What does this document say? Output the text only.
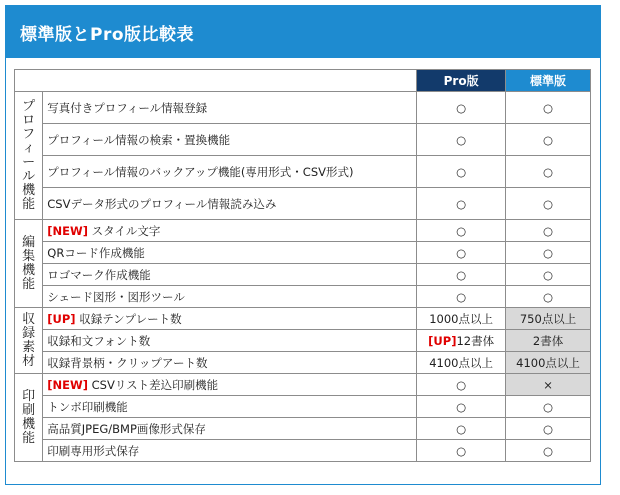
標準版とPro版比較表
		Pro版	標準版
プロフィール機能	写真付きプロフィール情報登録	○	○
	プロフィール情報の検索・置換機能	○	○
	プロフィール情報のバックアップ機能(専用形式・CSV形式)	○	○
	CSVデータ形式のプロフィール情報読み込み	○	○
編集機能	[NEW] スタイル文字	○	○
	QRコード作成機能	○	○
	ロゴマーク作成機能	○	○
	シェード図形・図形ツール	○	○
収録素材	[UP] 収録テンプレート数	1000点以上	750点以上
	収録和文フォント数	[UP]12書体	2書体
	収録背景柄・クリップアート数	4100点以上	4100点以上
印刷機能	[NEW] CSVリスト差込印刷機能	○	×
	トンボ印刷機能	○	○
	高品質JPEG/BMP画像形式保存	○	○
	印刷専用形式保存	○	○
